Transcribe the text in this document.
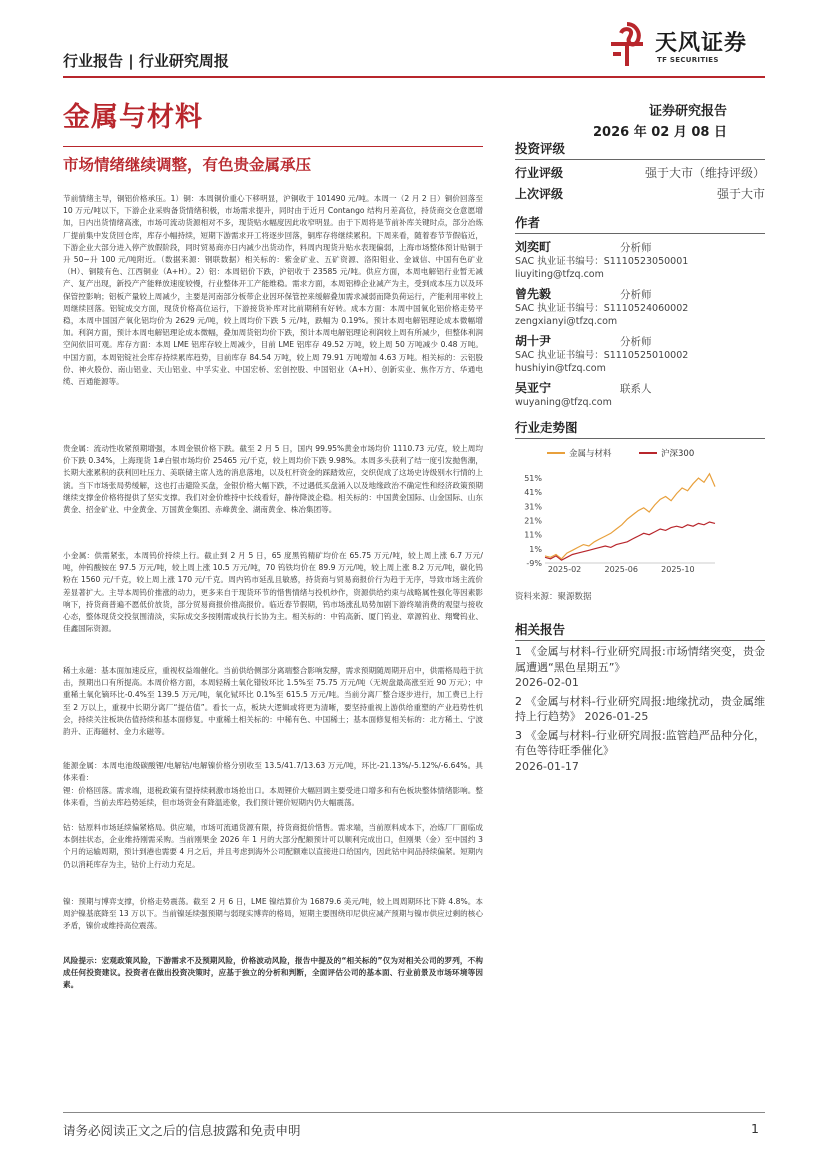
天风证券
TF SECURITIES
行业报告 | 行业研究周报
金属与材料	证券研究报告
2026 年 02 月 08 日
市场情绪继续调整，有色贵金属承压

节前情绪主导，铜铝价格承压。1）铜：本周铜价重心下移明显，沪铜收于 101490 元/吨。本周一（2 月 2 日）铜价回落至 10 万元/吨以下，下游企业采购备货情绪积极，市场需求提升，同时由于近月 Contango 结构月差高位，持货商交仓意愿增加，日内出货情绪高涨，市场可流动货源相对不多，现货贴水幅度因此收窄明显。由于下周将是节前补库关键时点，部分冶炼厂提前集中发货回仓库，库存小幅持续，短期下游需求开工将逐步回落，铜库存将继续累积。下周来看，随着春节节假临近，下游企业大部分进入停产放假阶段，同时贸易商亦日内减少出货动作，料周内现货升贴水表现偏弱，上海市场整体预计贴铜于升 50~升 100 元/吨附近。（数据来源：钢联数据）相关标的：紫金矿业、五矿资源、洛阳钼业、金诚信、中国有色矿业（H）、铜陵有色、江西铜业（A+H）。2）铝：本周铝价下跌，沪铝收于 23585 元/吨。供应方面，本周电解铝行业暂无减产、复产出现，新投产产能释放速度较慢，行业整体开工产能维稳。需求方面，本周铝棒企业减产为主，受到成本压力以及环保管控影响；铝板产量较上周减少，主要是河南部分板带企业因环保管控来缓解叠加需求减弱而降负荷运行，产能利用率较上周继续回落。铝锭成交方面，现货价格高位运行，下游接货补库对比前期稍有好转。成本方面：本周中国氧化铝价格走势平稳，本周中国国产氧化铝均价为 2629 元/吨，较上周均价下跌 5 元/吨，跌幅为 0.19%。预计本周电解铝理论成本微幅增加。利润方面，预计本周电解铝理论成本微幅，叠加周货铝均价下跌，预计本周电解铝理论利润较上周有所减少，但整体利润空间依旧可观。库存方面：本周 LME 铝库存较上周减少，目前 LME 铝库存 49.52 万吨，较上周 50 万吨减少 0.48 万吨。中国方面，本周铝锭社会库存持续累库趋势，目前库存 84.54 万吨，较上周 79.91 万吨增加 4.63 万吨。相关标的：云铝股份、神火股份、南山铝业、天山铝业、中孚实业、中国宏桥、宏创控股、中国铝业（A+H）、创新实业、焦作万方、华通电缆、百通能源等。

贵金属：流动性收紧预期增强，本周金银价格下跌。截至 2 月 5 日，国内 99.95%黄金市场均价 1110.73 元/克，较上周均价下跌 0.34%，上海现货 1#白银市场均价 25465 元/千克，较上周均价下跌 9.98%。本周多头获利了结一度引发抛售潮，长期大涨累积的获利回吐压力、美联储主席人选的消息落地，以及杠杆资金的踩踏效应，交织促成了这场史诗级别水行情的上演。当下市场张局势缓解，这也打击避险买盘，金银价格大幅下跌，不过遇低买盘涌入以及地缘政治不确定性和经济政策预期继续支撑金价格将提供了坚实支撑。我们对金价维持中长线看好，静待降波企稳。相关标的：中国黄金国际、山金国际、山东黄金、招金矿业、中金黄金、万国黄金集团、赤峰黄金、湖南黄金、株冶集团等。

小金属：供需紧张，本周钨价持续上行。截止到 2 月 5 日，65 度黑钨精矿均价在 65.75 万元/吨，较上周上涨 6.7 万元/吨，仲钨酸铵在 97.5 万元/吨，较上周上涨 10.5 万元/吨，70 钨铁均价在 89.9 万元/吨，较上周上涨 8.2 万元/吨，碳化钨粉在 1560 元/千克，较上周上涨 170 元/千克。周内钨市延乱且敏感，持货商与贸易商报价行为趋于无序，导致市场主流价差显著扩大。主导本周钨价推涨的动力，更多来自于现货环节的惜售情绪与投机炒作，资源供给约束与战略属性强化等因素影响下，持货商普遍不愿低价放货，部分贸易商报价推高报价。临近春节假期，钨市场涨乱局势加剧下游终端消费的观望与接收心态，整体现货交投氛围清淡，实际成交多按刚需或执行长协为主。相关标的：中钨高新、厦门钨业、章源钨业、翔鹭钨业、佳鑫国际资源。

稀土永磁：基本面加速反应，重视权益端催化。当前供给侧部分离端整合影响发酵，需求预期随周期开启中，供需格局趋于抗击，预期出口有所提高。本周价格方面，本周轻稀土氧化镨钕环比 1.5%至 75.75 万元/吨（无规盘最高涨至近 90 万元）；中重稀土氧化镝环比-0.4%至 139.5 万元/吨，氧化铽环比 0.1%至 615.5 万元/吨。当前分离厂整合逐步进行，加工费已上行至 2 万以上，重视中长期分离厂“提估值”。看长一点，板块大逻辑或将更为清晰，要坚持重视上游供给重塑的产业趋势性机会，持续关注板块估值持续和基本面修复。中重稀土相关标的：中稀有色、中国稀土；基本面修复相关标的：北方稀土、宁波韵升、正海磁材、金力永磁等。

能源金属：本周电池级碳酸锂/电解钴/电解镍价格分别收至 13.5/41.7/13.63 万元/吨，环比-21.13%/-5.12%/-6.64%。具体来看：

锂：价格回落。需求端，退税政策有望持续刺激市场抢出口。本周锂价大幅回调主要受进口增多和有色板块整体情绪影响。整体来看，当前去库趋势延续，但市场资金有降温迹象，我们预计锂价短期内仍大幅震荡。

钴：钴原料市场延续偏紧格局。供应端，市场可流通货源有限，持货商挺价惜售。需求端，当前原料成本下，冶炼厂厂面临成本倒挂状态，企业维持刚需采购。当前刚果金 2026 年 1 月的大部分配额预计可以顺利完成出口，但刚果（金）至中国约 3 个月的运输周期，预计到港也需要 4 月之后，并且考虑到海外公司配额难以直接进口给国内，因此钴中间品持续偏紧。短期内仍以消耗库存为主，钴价上行动力充足。

镍：预期与博弈支撑，价格走势震荡。截至 2 月 6 日，LME 镍结算价为 16879.6 美元/吨，较上周周期环比下降 4.8%。本周沪镍基底降至 13 万以下。当前镍延续强预期与弱现实博弈的格局，短期主要围绕印尼供应减产预期与镍市供应过剩的核心矛盾，镍价或维持高位震荡。

风险提示：宏观政策风险，下游需求不及预期风险，价格波动风险，报告中提及的“相关标的”仅为对相关公司的罗列，不构成任何投资建议。投资者在做出投资决策时，应基于独立的分析和判断，全面评估公司的基本面、行业前景及市场环境等因素。

投资评级
行业评级	强于大市（维持评级）
上次评级	强于大市
作者
刘奕町	分析师
SAC 执业证书编号：S1110523050001
liuyiting@tfzq.com
曾先毅	分析师
SAC 执业证书编号：S1110524060002
zengxianyi@tfzq.com
胡十尹	分析师
SAC 执业证书编号：S1110525010002
hushiyin@tfzq.com
吴亚宁	联系人
wuyaning@tfzq.com
行业走势图
金属与材料	沪深300
51%
41%
31%
21%
11%
1%
-9%
2025-02	2025-06	2025-10
资料来源：聚源数据
相关报告
1 《金属与材料-行业研究周报:市场情绪突变，贵金属遭遇“黑色星期五”》
2026-02-01
2 《金属与材料-行业研究周报:地缘扰动，贵金属维持上行趋势》 2026-01-25
3 《金属与材料-行业研究周报:监管趋严品种分化，有色等待旺季催化》
2026-01-17
请务必阅读正文之后的信息披露和免责申明	1
